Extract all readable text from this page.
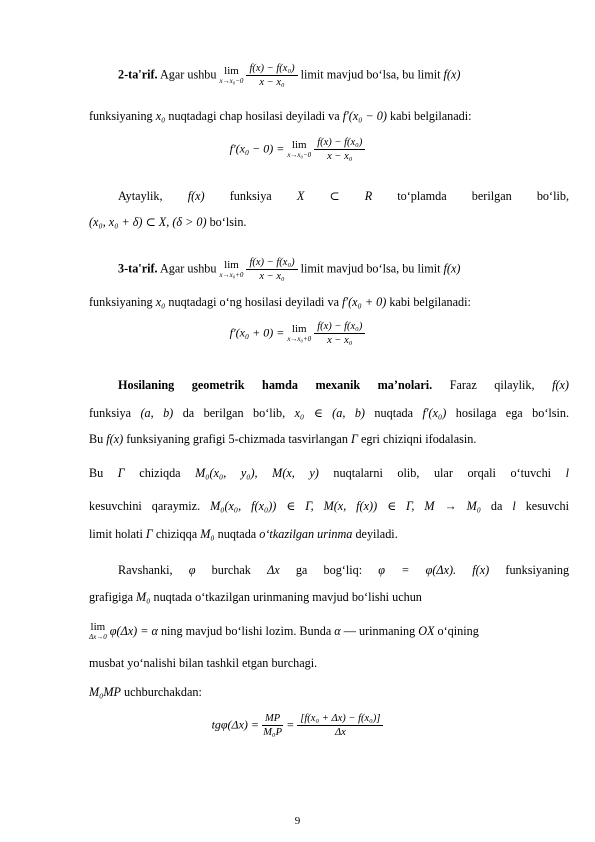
2-ta'rif. Agar ushbu lim
x→x₀−0
$\frac{\text{f(x) − f(x₀)}}{\text{x − x₀}}$ limit mavjud bo‘lsa, bu limit f(x)
funksiyaning x₀ nuqtadagi chap hosilasi deyiladi va f′(x₀ − 0) kabi belgilanadi:
f′(x₀ − 0) = lim
x→x₀−0
$\frac{\text{f(x) − f(x₀)}}{\text{x − x₀}}$
Aytaylik, f(x) funksiya X ⊂ R to‘plamda berilgan bo‘lib,
(x₀, x₀ + δ) ⊂ X, (δ > 0) bo‘lsin.
3-ta'rif. Agar ushbu lim
x→x₀+0
$\frac{\text{f(x) − f(x₀)}}{\text{x − x₀}}$ limit mavjud bo‘lsa, bu limit f(x)
funksiyaning x₀ nuqtadagi o‘ng hosilasi deyiladi va f′(x₀ + 0) kabi belgilanadi:
f′(x₀ + 0) = lim
x→x₀+0
$\frac{\text{f(x) − f(x₀)}}{\text{x − x₀}}$
Hosilaning geometrik hamda mexanik ma’nolari. Faraz qilaylik, f(x)
funksiya (a, b) da berilgan bo‘lib, x₀ ∈ (a, b) nuqtada f′(x₀) hosilaga ega bo‘lsin.
Bu f(x) funksiyaning grafigi 5-chizmada tasvirlangan Γ egri chiziqni ifodalasin.
Bu Γ chiziqda M₀(x₀, y₀), M(x, y) nuqtalarni olib, ular orqali o‘tuvchi l
kesuvchini qaraymiz. M₀(x₀, f(x₀)) ∈ Γ, M(x, f(x)) ∈ Γ, M → M₀ da l kesuvchi
limit holati Γ chiziqqa M₀ nuqtada o‘tkazilgan urinma deyiladi.
Ravshanki, φ burchak Δx ga bog‘liq: φ = φ(Δx). f(x) funksiyaning
grafigiga M₀ nuqtada o‘tkazilgan urinmaning mavjud bo‘lishi uchun
lim
Δx→0 φ(Δx) = α ning mavjud bo‘lishi lozim. Bunda α — urinmaning OX o‘qining
musbat yo‘nalishi bilan tashkil etgan burchagi.
M₀MP uchburchakdan:
$tg\varphi(\Delta x) = \frac{MP}{\text{M₀P}} = \frac{\text{[f(x₀ + Δx) − f(x₀)]}}{\Delta x}$
9
